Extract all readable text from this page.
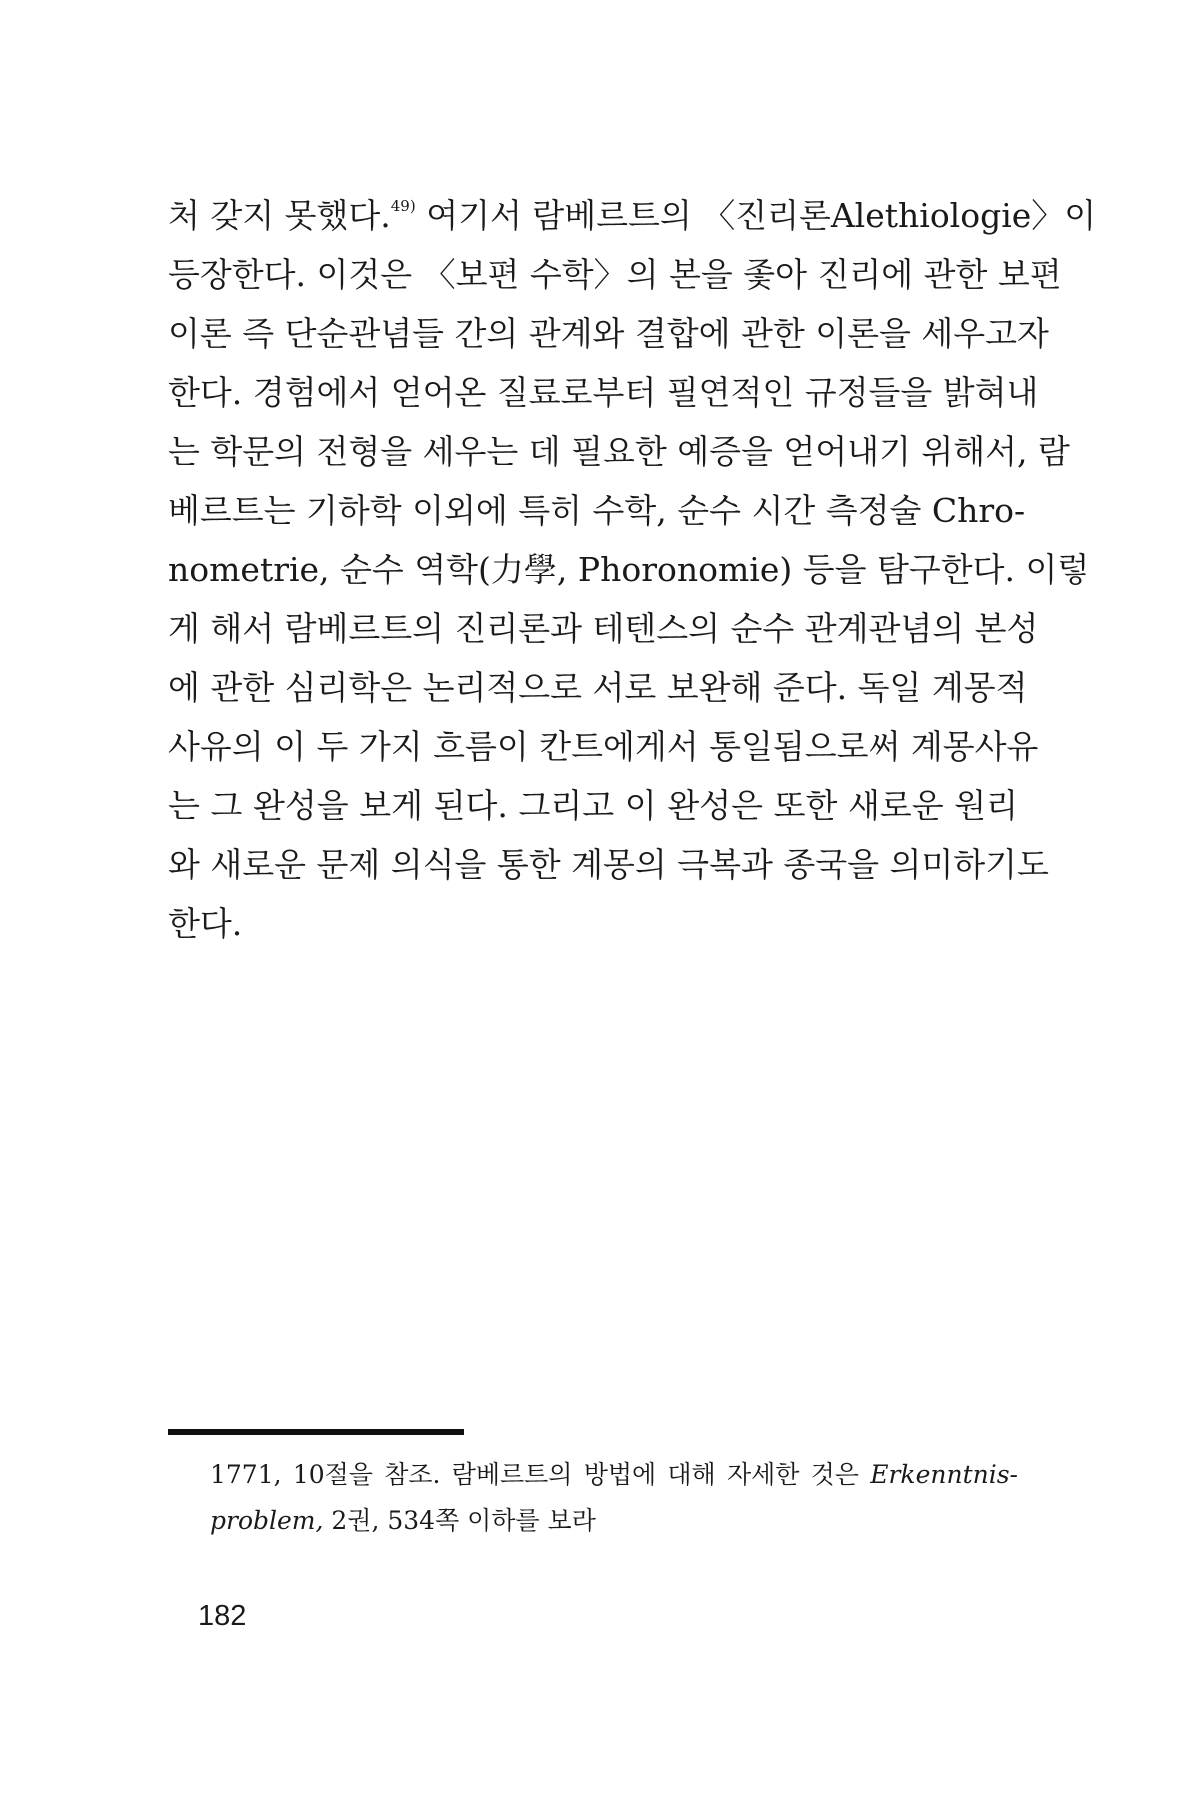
처 갖지 못했다.$^{49)}$ 여기서 람베르트의 〈진리론Alethiologie〉이
등장한다. 이것은 〈보편 수학〉의 본을 좇아 진리에 관한 보편
이론 즉 단순관념들 간의 관계와 결합에 관한 이론을 세우고자
한다. 경험에서 얻어온 질료로부터 필연적인 규정들을 밝혀내
는 학문의 전형을 세우는 데 필요한 예증을 얻어내기 위해서, 람
베르트는 기하학 이외에 특히 수학, 순수 시간 측정술 Chro-
nometrie, 순수 역학(力學, Phoronomie) 등을 탐구한다. 이렇
게 해서 람베르트의 진리론과 테텐스의 순수 관계관념의 본성
에 관한 심리학은 논리적으로 서로 보완해 준다. 독일 계몽적
사유의 이 두 가지 흐름이 칸트에게서 통일됨으로써 계몽사유
는 그 완성을 보게 된다. 그리고 이 완성은 또한 새로운 원리
와 새로운 문제 의식을 통한 계몽의 극복과 종국을 의미하기도
한다.
1771, 10절을 참조. 람베르트의 방법에 대해 자세한 것은 Erkenntnis-
problem, 2권, 534쪽 이하를 보라
182
